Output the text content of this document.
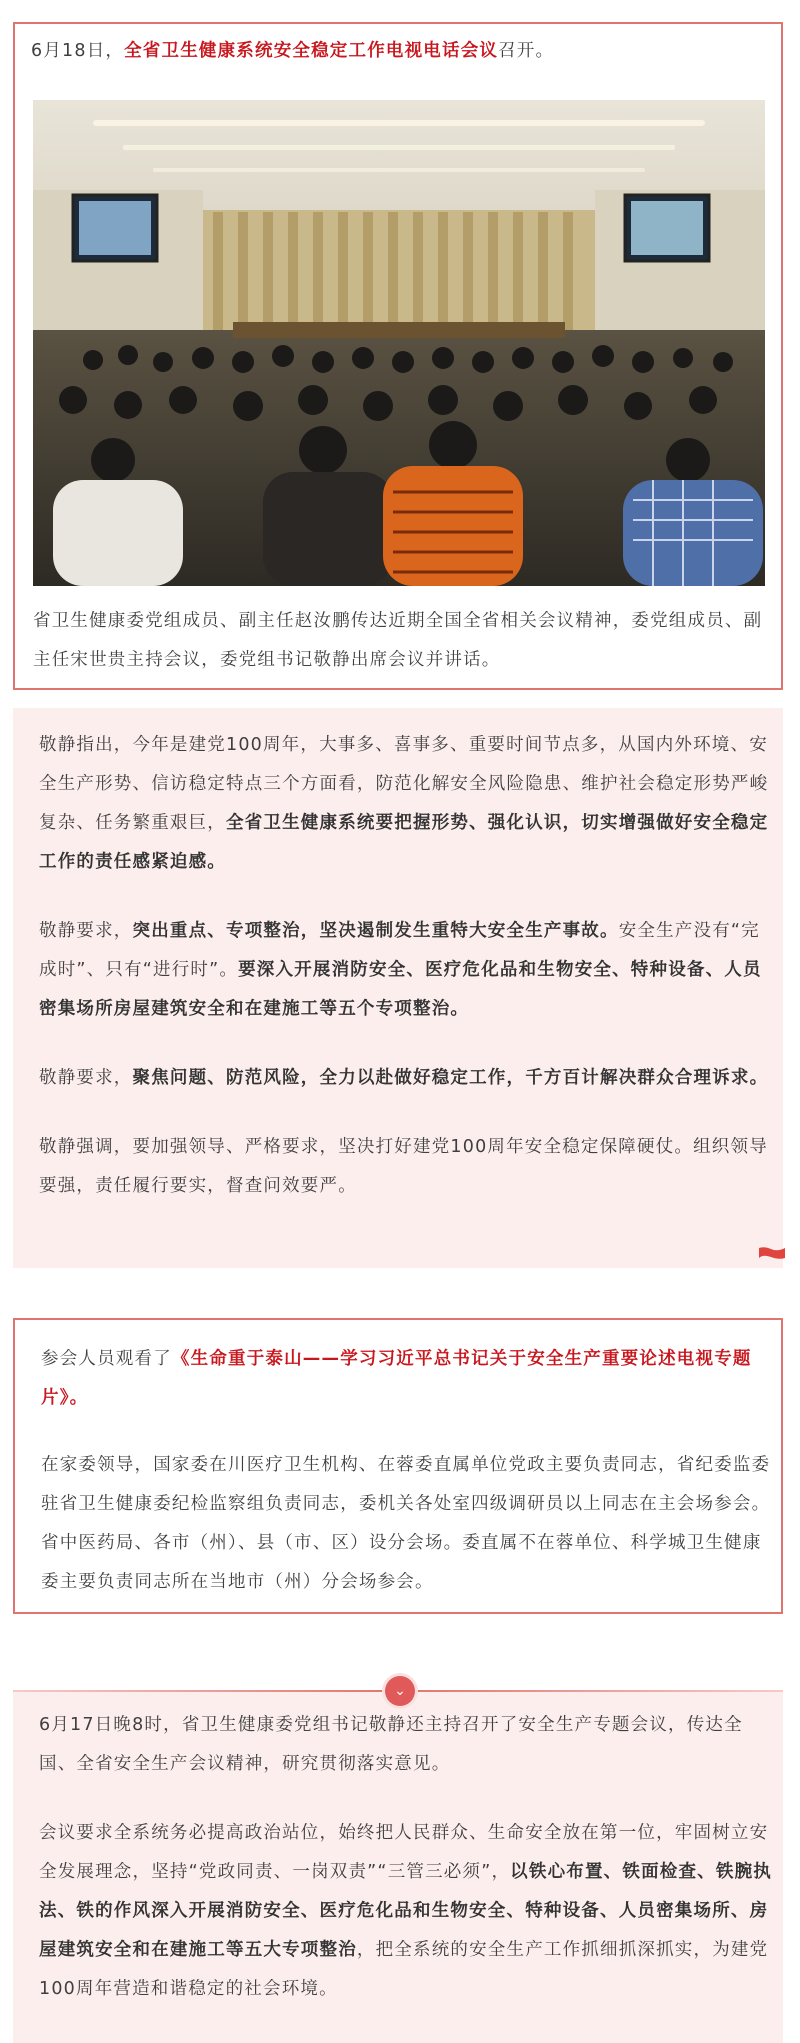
6月18日，全省卫生健康系统安全稳定工作电视电话会议召开。

省卫生健康委党组成员、副主任赵汝鹏传达近期全国全省相关会议精神，委党组成员、副主任宋世贵主持会议，委党组书记敬静出席会议并讲话。

敬静指出，今年是建党100周年，大事多、喜事多、重要时间节点多，从国内外环境、安全生产形势、信访稳定特点三个方面看，防范化解安全风险隐患、维护社会稳定形势严峻复杂、任务繁重艰巨，全省卫生健康系统要把握形势、强化认识，切实增强做好安全稳定工作的责任感紧迫感。

敬静要求，突出重点、专项整治，坚决遏制发生重特大安全生产事故。安全生产没有“完成时”、只有“进行时”。要深入开展消防安全、医疗危化品和生物安全、特种设备、人员密集场所房屋建筑安全和在建施工等五个专项整治。

敬静要求，聚焦问题、防范风险，全力以赴做好稳定工作，千方百计解决群众合理诉求。

敬静强调，要加强领导、严格要求，坚决打好建党100周年安全稳定保障硬仗。组织领导要强，责任履行要实，督查问效要严。

参会人员观看了《生命重于泰山——学习习近平总书记关于安全生产重要论述电视专题片》。

在家委领导，国家委在川医疗卫生机构、在蓉委直属单位党政主要负责同志，省纪委监委驻省卫生健康委纪检监察组负责同志，委机关各处室四级调研员以上同志在主会场参会。省中医药局、各市（州）、县（市、区）设分会场。委直属不在蓉单位、科学城卫生健康委主要负责同志所在当地市（州）分会场参会。

6月17日晚8时，省卫生健康委党组书记敬静还主持召开了安全生产专题会议，传达全国、全省安全生产会议精神，研究贯彻落实意见。

会议要求全系统务必提高政治站位，始终把人民群众、生命安全放在第一位，牢固树立安全发展理念，坚持“党政同责、一岗双责”“三管三必须”，以铁心布置、铁面检查、铁腕执法、铁的作风深入开展消防安全、医疗危化品和生物安全、特种设备、人员密集场所、房屋建筑安全和在建施工等五大专项整治，把全系统的安全生产工作抓细抓深抓实，为建党100周年营造和谐稳定的社会环境。

⌄
